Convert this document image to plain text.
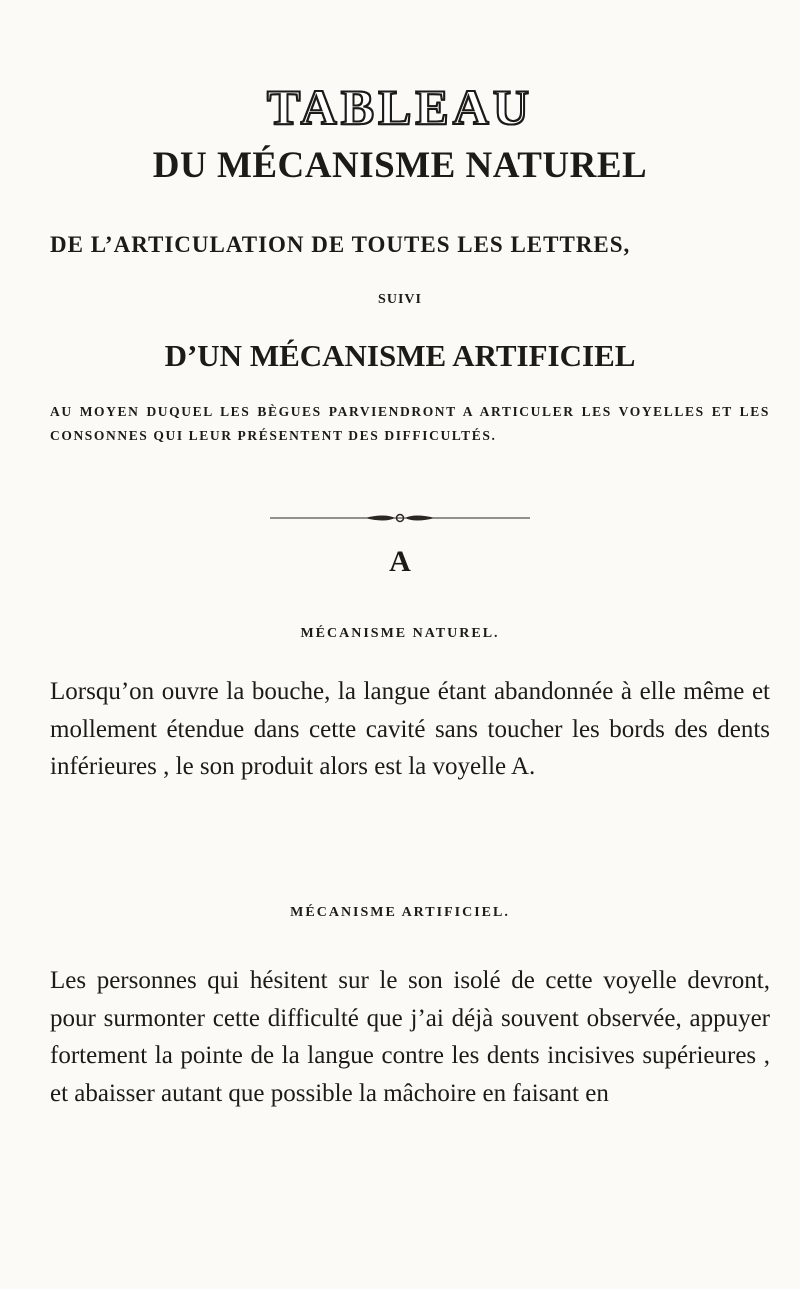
TABLEAU
DU MÉCANISME NATUREL
DE L’ARTICULATION DE TOUTES LES LETTRES,
SUIVI
D’UN MÉCANISME ARTIFICIEL
AU MOYEN DUQUEL LES BÈGUES PARVIENDRONT A ARTICULER LES VOYELLES ET LES CONSONNES QUI LEUR PRÉSENTENT DES DIFFICULTÉS.
A
MÉCANISME NATUREL.
Lorsqu’on ouvre la bouche, la langue étant abandonnée à elle même et mollement étendue dans cette cavité sans toucher les bords des dents inférieures , le son produit alors est la voyelle A.
MÉCANISME ARTIFICIEL.
Les personnes qui hésitent sur le son isolé de cette voyelle devront, pour surmonter cette difficulté que j’ai déjà souvent observée, appuyer fortement la pointe de la langue contre les dents incisives supérieures , et abaisser autant que possible la mâchoire en faisant en
